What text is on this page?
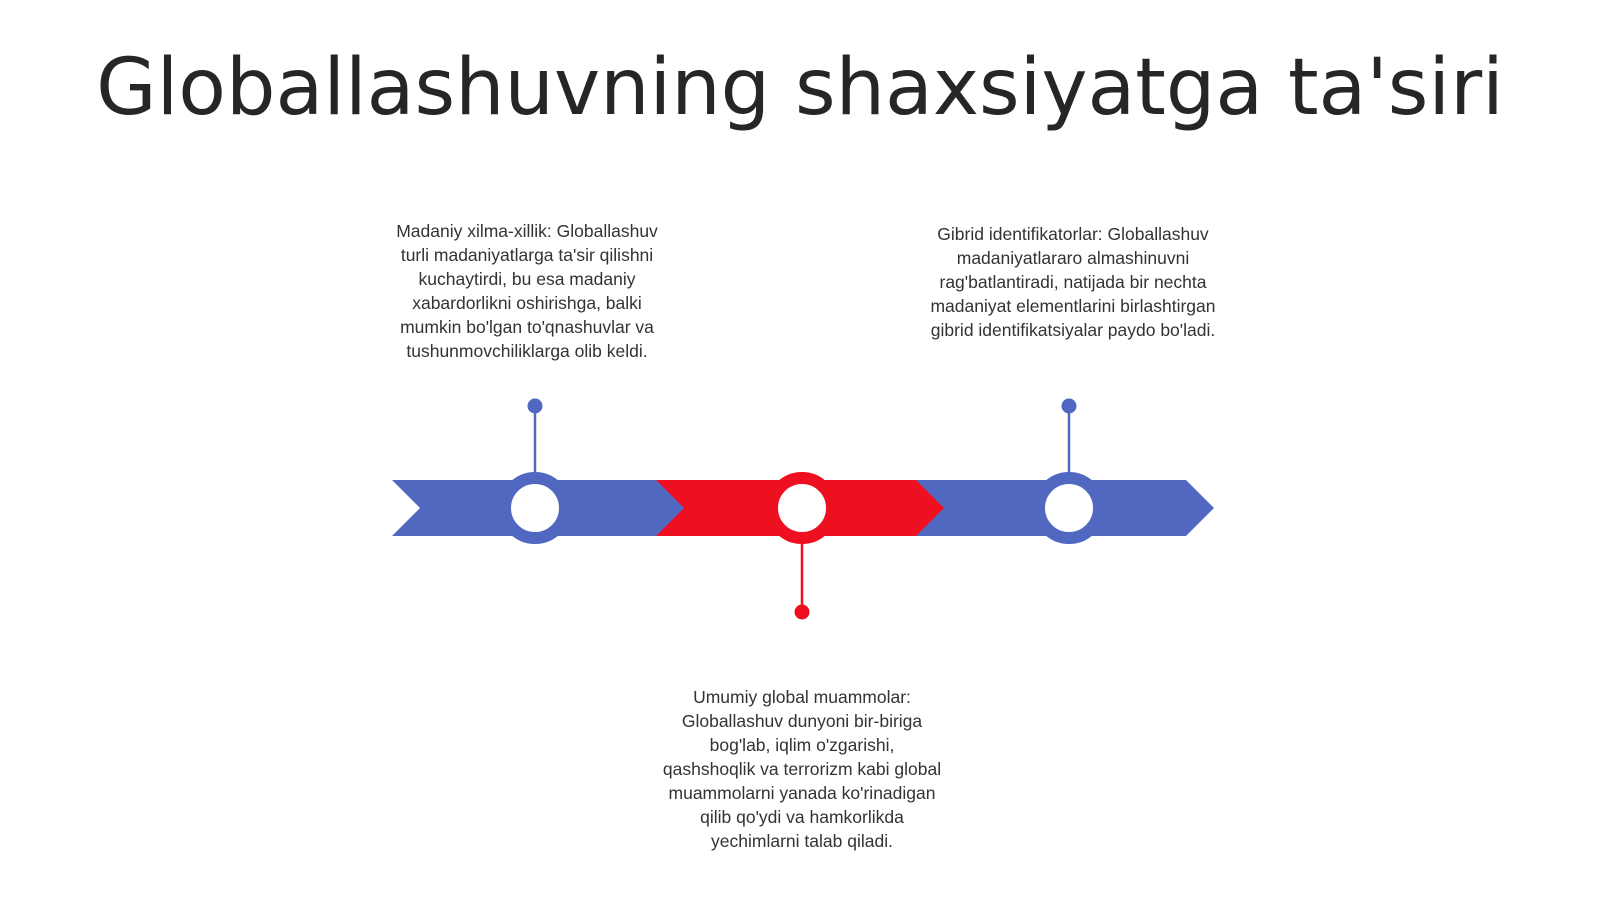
Globallashuvning shaxsiyatga ta'siri

Madaniy xilma-xillik: Globallashuv turli madaniyatlarga ta'sir qilishni kuchaytirdi, bu esa madaniy xabardorlikni oshirishga, balki mumkin bo'lgan to'qnashuvlar va tushunmovchiliklarga olib keldi.

Gibrid identifikatorlar: Globallashuv madaniyatlararo almashinuvni rag'batlantiradi, natijada bir nechta madaniyat elementlarini birlashtirgan gibrid identifikatsiyalar paydo bo'ladi.

Umumiy global muammolar: Globallashuv dunyoni bir-biriga bog'lab, iqlim o'zgarishi, qashshoqlik va terrorizm kabi global muammolarni yanada ko'rinadigan qilib qo'ydi va hamkorlikda yechimlarni talab qiladi.
